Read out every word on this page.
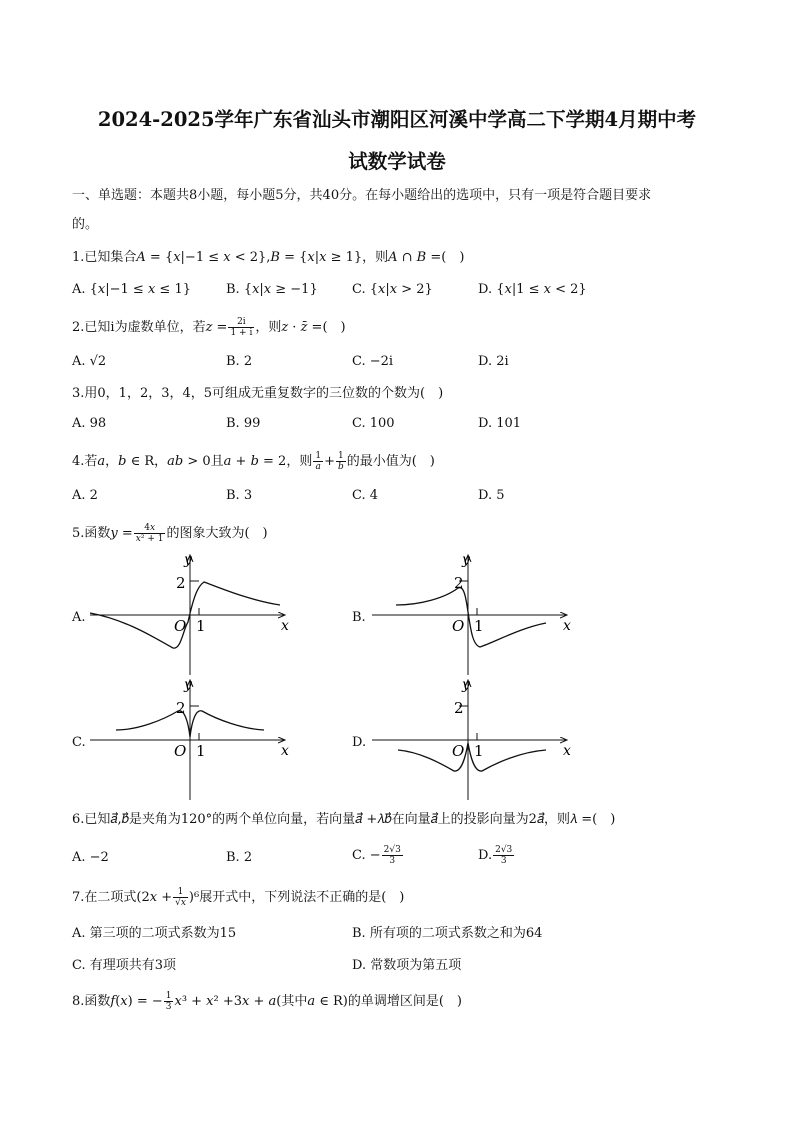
2024-2025学年广东省汕头市潮阳区河溪中学高二下学期4月期中考
试数学试卷
一、单选题：本题共8小题，每小题5分，共40分。在每小题给出的选项中，只有一项是符合题目要求
的。
1.已知集合𝐴 = {𝑥|−1 ≤ 𝑥 < 2},𝐵 = {𝑥|𝑥 ≥ 1}，则𝐴 ∩ 𝐵 =(　)
A. {𝑥|−1 ≤ 𝑥 ≤ 1}	B. {𝑥|𝑥 ≥ −1}	C. {𝑥|𝑥 > 2}	D. {𝑥|1 ≤ 𝑥 < 2}
2.已知i为虚数单位，若𝑧 = $\frac{2i}{1 + i}$ ，则𝑧 · 𝑧̄ =(　)
A. √2	B. 2	C. −2i	D. 2i
3.用0，1，2，3，4，5可组成无重复数字的三位数的个数为(　)
A. 98	B. 99	C. 100	D. 101
4.若𝑎，𝑏 ∈ R，𝑎𝑏 > 0且𝑎 + 𝑏 = 2，则 $\frac{1}{\text{𝑎}} + \frac{1}{\text{𝑏}}$ 的最小值为(　)
A. 2	B. 3	C. 4	D. 5
5.函数𝑦 = $\frac{\text{4𝑥}}{\text{𝑥² + 1}}$ 的图象大致为(　)
A.
y
2
O 1	x
B.
y
2
O 1	x
C.
y
2
O 1	x
D.
y
2
O 1	x
6.已知𝑎⃗,𝑏⃗是夹角为120°的两个单位向量，若向量𝑎⃗ +𝜆𝑏⃗在向量𝑎⃗上的投影向量为2𝑎⃗，则𝜆 =(　)
A. −2	B. 2	C. − $\frac{2√3}{3}$	D. $\frac{2√3}{3}$
7.在二项式(2𝑥 + $\frac{1}{\text{√𝑥}} )^6$展开式中，下列说法不正确的是(　)
A. 第三项的二项式系数为15	B. 所有项的二项式系数之和为64
C. 有理项共有3项	D. 常数项为第五项
8.函数𝑓(𝑥) = − $\frac{1}{3}$ 𝑥³ + 𝑥² +3𝑥 + 𝑎(其中𝑎 ∈ R)的单调增区间是(　)
